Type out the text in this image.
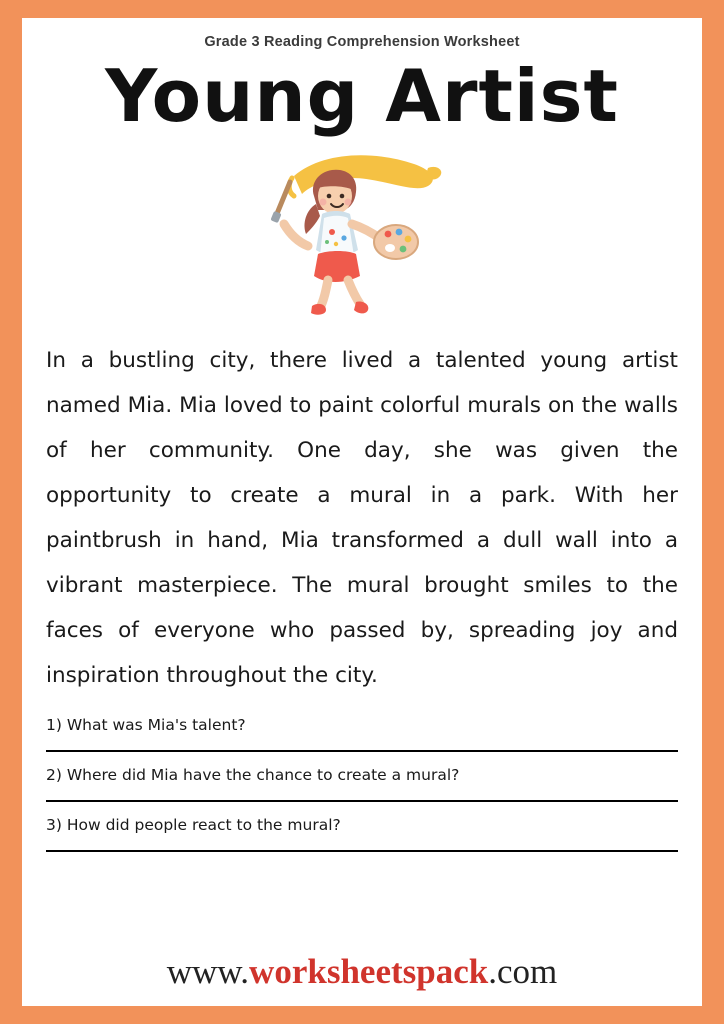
Grade 3 Reading Comprehension Worksheet
Young Artist
In a bustling city, there lived a talented young artist named Mia. Mia loved to paint colorful murals on the walls of her community. One day, she was given the opportunity to create a mural in a park. With her paintbrush in hand, Mia transformed a dull wall into a vibrant masterpiece. The mural brought smiles to the faces of everyone who passed by, spreading joy and inspiration throughout the city.
1) What was Mia's talent?
2) Where did Mia have the chance to create a mural?
3) How did people react to the mural?
www.worksheetspack.com
